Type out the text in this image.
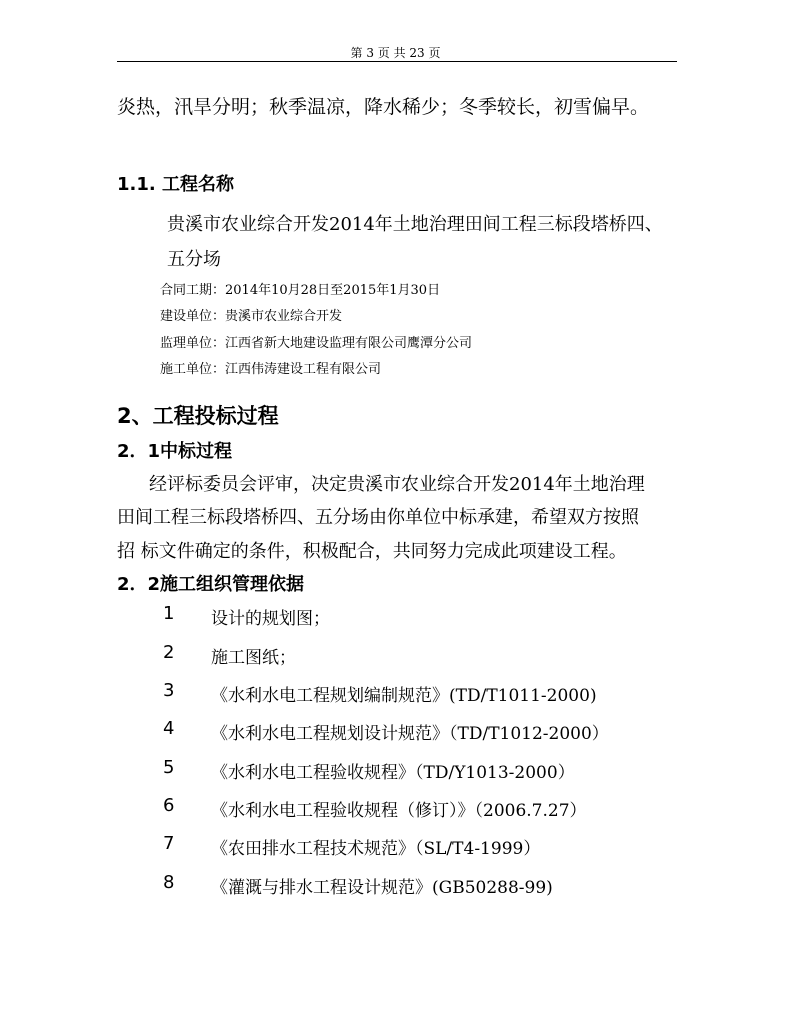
第 3 页 共 23 页
炎热，汛旱分明；秋季温凉，降水稀少；冬季较长，初雪偏早。
1.1. 工程名称
贵溪市农业综合开发2014年土地治理田间工程三标段塔桥四、
五分场
合同工期：2014年10月28日至2015年1月30日
建设单位：贵溪市农业综合开发
监理单位：江西省新大地建设监理有限公司鹰潭分公司
施工单位：江西伟涛建设工程有限公司
2、工程投标过程
2．1中标过程
经评标委员会评审，决定贵溪市农业综合开发2014年土地治理
田间工程三标段塔桥四、五分场由你单位中标承建，希望双方按照
招 标文件确定的条件，积极配合，共同努力完成此项建设工程。
2．2施工组织管理依据
1 设计的规划图；
2 施工图纸；
3 《水利水电工程规划编制规范》(TD/T1011-2000)
4 《水利水电工程规划设计规范》（TD/T1012-2000）
5 《水利水电工程验收规程》（TD/Y1013-2000）
6 《水利水电工程验收规程（修订）》（2006.7.27）
7 《农田排水工程技术规范》（SL/T4-1999）
8 《灌溉与排水工程设计规范》(GB50288-99)
